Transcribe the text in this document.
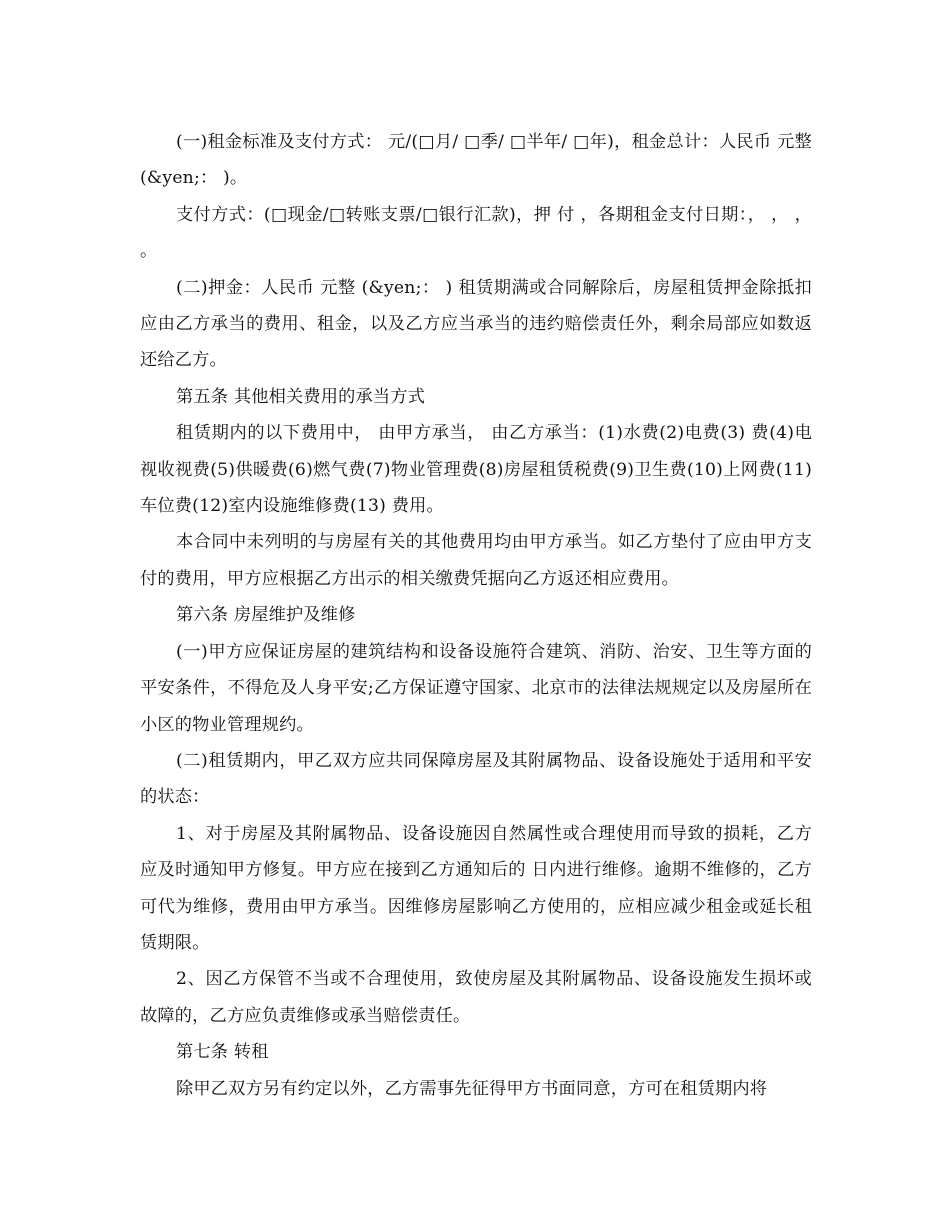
(一)租金标准及支付方式： 元/(□月/ □季/ □半年/ □年)，租金总计：人民币 元整(&yen;： )。

支付方式：(□现金/□转账支票/□银行汇款)，押 付 ，各期租金支付日期：， ， ， 。

(二)押金：人民币 元整 (&yen;： ) 租赁期满或合同解除后，房屋租赁押金除抵扣应由乙方承当的费用、租金，以及乙方应当承当的违约赔偿责任外，剩余局部应如数返还给乙方。

第五条 其他相关费用的承当方式

租赁期内的以下费用中， 由甲方承当， 由乙方承当：(1)水费(2)电费(3) 费(4)电视收视费(5)供暖费(6)燃气费(7)物业管理费(8)房屋租赁税费(9)卫生费(10)上网费(11)车位费(12)室内设施维修费(13) 费用。

本合同中未列明的与房屋有关的其他费用均由甲方承当。如乙方垫付了应由甲方支付的费用，甲方应根据乙方出示的相关缴费凭据向乙方返还相应费用。

第六条 房屋维护及维修

(一)甲方应保证房屋的建筑结构和设备设施符合建筑、消防、治安、卫生等方面的平安条件，不得危及人身平安;乙方保证遵守国家、北京市的法律法规规定以及房屋所在小区的物业管理规约。

(二)租赁期内，甲乙双方应共同保障房屋及其附属物品、设备设施处于适用和平安的状态：

1、对于房屋及其附属物品、设备设施因自然属性或合理使用而导致的损耗，乙方应及时通知甲方修复。甲方应在接到乙方通知后的 日内进行维修。逾期不维修的，乙方可代为维修，费用由甲方承当。因维修房屋影响乙方使用的，应相应减少租金或延长租赁期限。

2、因乙方保管不当或不合理使用，致使房屋及其附属物品、设备设施发生损坏或故障的，乙方应负责维修或承当赔偿责任。

第七条 转租

除甲乙双方另有约定以外，乙方需事先征得甲方书面同意，方可在租赁期内将
